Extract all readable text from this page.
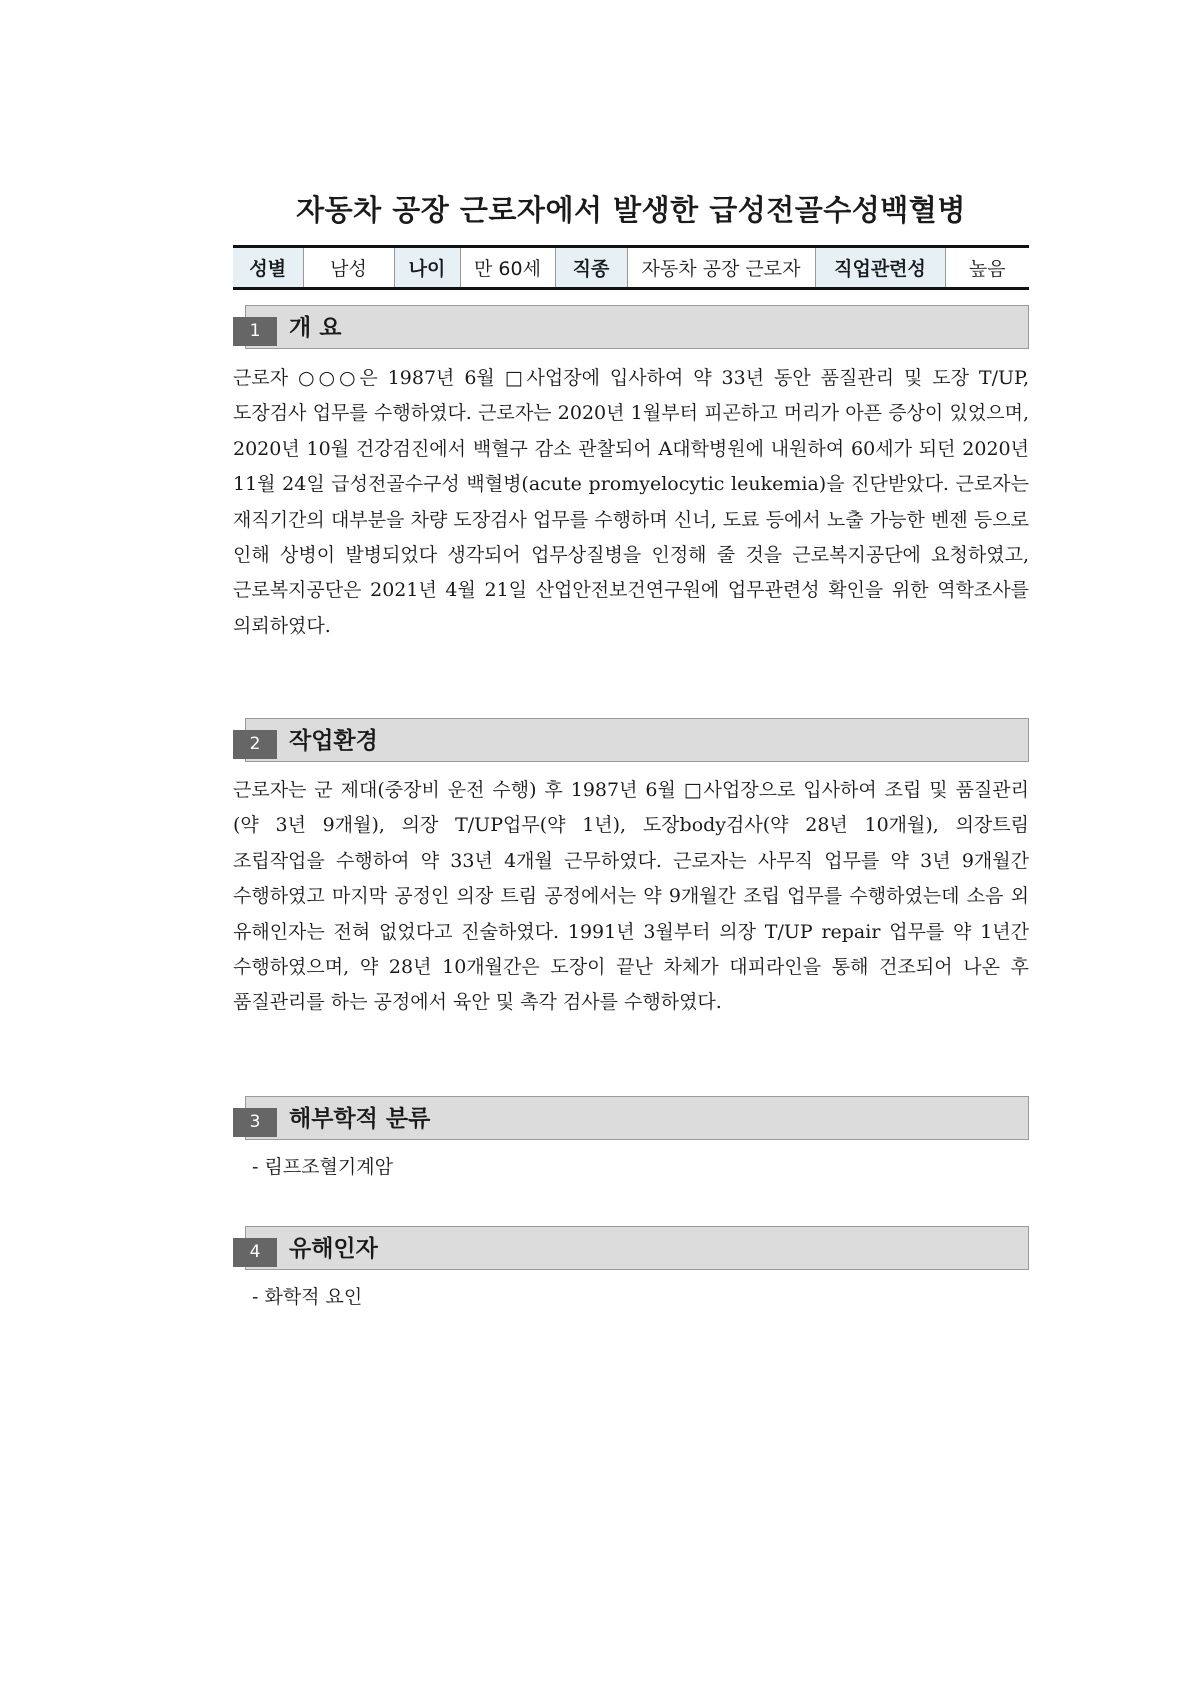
자동차 공장 근로자에서 발생한 급성전골수성백혈병
성별	남성	나이	만 60세	직종	자동차 공장 근로자	직업관련성	높음
1	개 요

근로자 ○○○은 1987년 6월 □사업장에 입사하여 약 33년 동안 품질관리 및 도장 T/UP, 도장검사 업무를 수행하였다. 근로자는 2020년 1월부터 피곤하고 머리가 아픈 증상이 있었으며, 2020년 10월 건강검진에서 백혈구 감소 관찰되어 A대학병원에 내원하여 60세가 되던 2020년 11월 24일 급성전골수구성 백혈병(acute promyelocytic leukemia)을 진단받았다. 근로자는 재직기간의 대부분을 차량 도장검사 업무를 수행하며 신너, 도료 등에서 노출 가능한 벤젠 등으로 인해 상병이 발병되었다 생각되어 업무상질병을 인정해 줄 것을 근로복지공단에 요청하였고, 근로복지공단은 2021년 4월 21일 산업안전보건연구원에 업무관련성 확인을 위한 역학조사를 의뢰하였다.

2	작업환경

근로자는 군 제대(중장비 운전 수행) 후 1987년 6월 □사업장으로 입사하여 조립 및 품질관리(약 3년 9개월), 의장 T/UP업무(약 1년), 도장body검사(약 28년 10개월), 의장트림 조립작업을 수행하여 약 33년 4개월 근무하였다. 근로자는 사무직 업무를 약 3년 9개월간 수행하였고 마지막 공정인 의장 트림 공정에서는 약 9개월간 조립 업무를 수행하였는데 소음 외 유해인자는 전혀 없었다고 진술하였다. 1991년 3월부터 의장 T/UP repair 업무를 약 1년간 수행하였으며, 약 28년 10개월간은 도장이 끝난 차체가 대피라인을 통해 건조되어 나온 후 품질관리를 하는 공정에서 육안 및 촉각 검사를 수행하였다.

3	해부학적 분류

- 림프조혈기계암

4	유해인자

- 화학적 요인
